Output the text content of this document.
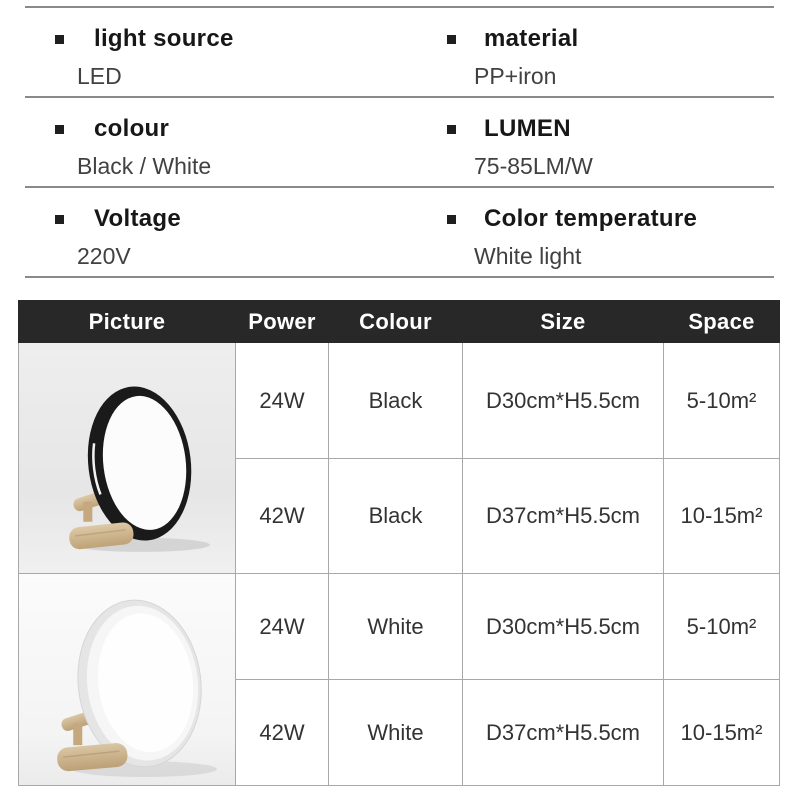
light source
LED
material
PP+iron
colour
Black / White
LUMEN
75-85LM/W
Voltage
220V
Color temperature
White light
Picture	Power	Colour	Size	Space

	24W	Black	D30cm*H5.5cm	5-10m²
	42W	Black	D37cm*H5.5cm	10-15m²

	24W	White	D30cm*H5.5cm	5-10m²
	42W	White	D37cm*H5.5cm	10-15m²
